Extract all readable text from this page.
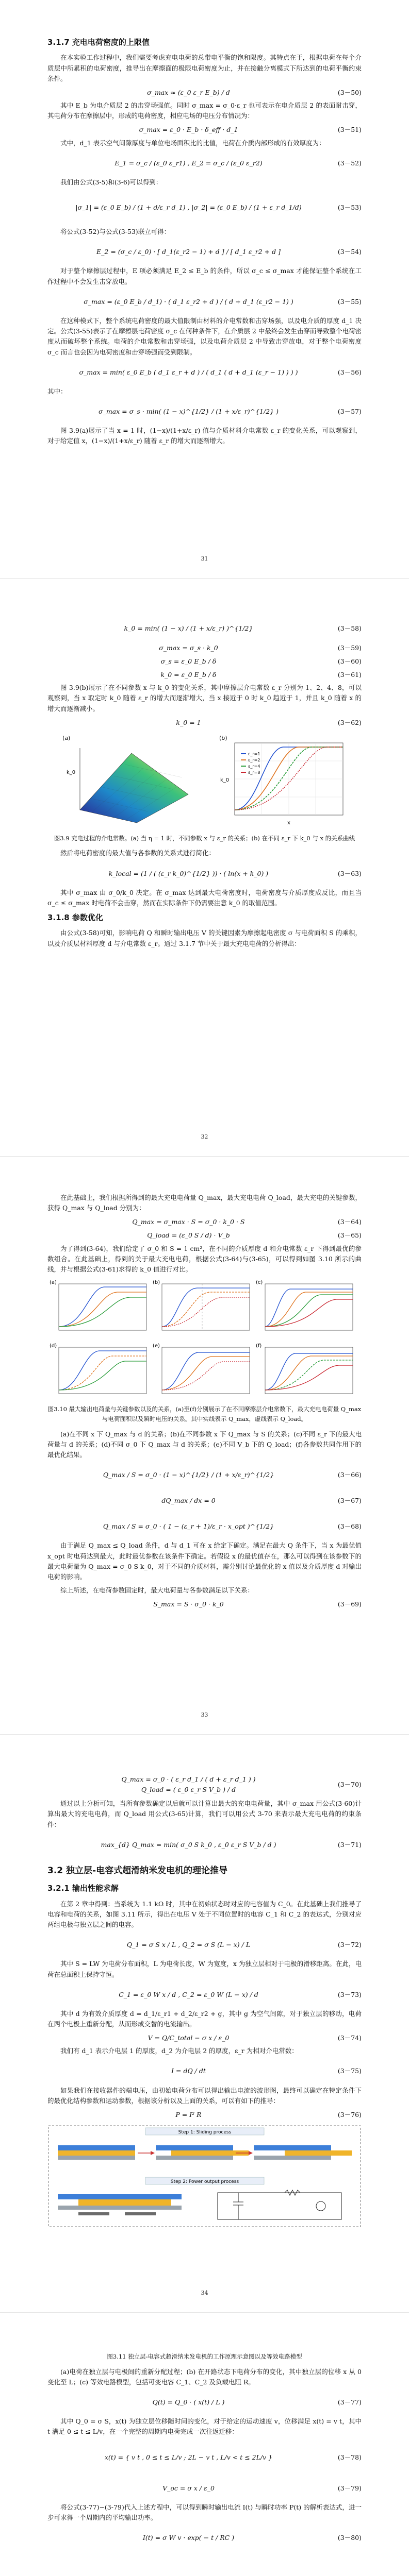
3.1.7 充电电荷密度的上限值

在本实验工作过程中，我们需要考虑充电电荷的总带电平衡的饱和限度。其特点在于，根据电荷在每个介质层中所累积的电荷密度，推导出在摩擦面的极限电荷密度为止，并在接触分离模式下所达到的电荷平衡约束条件。

σ_max ≈ (ε_0 ε_r E_b) / d	(3－50)

其中 E_b 为电介质层 2 的击穿场强值。同时 σ_max = σ_0·ε_r 也可表示在电介质层 2 的表面耐击穿，其电荷分布在摩擦层中，形成的电荷密度，相应电场的电压分布情况为：

σ_max = ε_0 · E_b · δ_eff · d_1	(3－51)

式中，d_1 表示空气间隙厚度与单位电场面积比的比值，电荷在介质内部形成的有效厚度为：

E_1 = σ_c / (ε_0 ε_r1) , E_2 = σ_c / (ε_0 ε_r2)	(3－52)

我们由公式(3-5)和(3-6)可以得到：

|σ_1| = (ε_0 E_b) / (1 + d/ε_r d_1) , |σ_2| = (ε_0 E_b) / (1 + ε_r d_1/d)	(3－53)

将公式(3-52)与公式(3-53)联立可得：

E_2 = (σ_c / ε_0) · [ d_1(ε_r2 − 1) + d ] / [ d_1 ε_r2 + d ]	(3－54)

对于整个摩擦层过程中，E 项必须满足 E_2 ≤ E_b 的条件，所以 σ_c ≤ σ_max 才能保证整个系统在工作过程中不会发生击穿放电。

σ_max = (ε_0 E_b / d_1) · ( d_1 ε_r2 + d ) / ( d + d_1 (ε_r2 − 1) )	(3－55)

在这种模式下，整个系统电荷密度的最大值限制由材料的介电常数和击穿场强，以及电介质的厚度 d_1 决定。公式(3-55)表示了在摩擦层电荷密度 σ_c 在何种条件下，在介质层 2 中最终会发生击穿而导致整个电荷密度从而破坏整个系统。电荷的介电常数和击穿场强，以及电荷介质层 2 中导致击穿放电，对于整个电荷密度 σ_c 而言也会因为电荷密度和击穿场强而受到限制。

σ_max = min( ε_0 E_b ( d_1 ε_r + d ) / ( d_1 ( d + d_1 (ε_r − 1) ) ) )	(3－56)

其中：

σ_max = σ_s · min( (1 − x)^{1/2} / (1 + x/ε_r)^{1/2} )	(3－57)

图 3.9(a)展示了当 x = 1 时，(1−x)/(1+x/ε_r) 值与介质材料介电常数 ε_r 的变化关系，可以观察到，对于给定值 x，(1−x)/(1+x/ε_r) 随着 ε_r 的增大而逐渐增大。

31
k_0 = min( (1 − x) / (1 + x/ε_r) )^{1/2}	(3－58)
σ_max = σ_s · k_0	(3－59)
σ_s = ε_0 E_b / δ	(3－60)
k_0 = ε_0 E_b / δ	(3－61)

图 3.9(b)展示了在不同参数 x 与 k_0 的变化关系，其中摩擦层介电常数 ε_r 分别为 1、2、4、8，可以观察到，当 x 取定时 k_0 随着 ε_r 的增大而逐渐增大，当 x 接近于 0 时 k_0 趋近于 1，并且 k_0 随着 x 的增大而逐渐减小。

k_0 = 1	(3－62)
(a)
k_0
(b)
k_0
x
ε_r=1
ε_r=2
ε_r=4
ε_r=8
图3.9 充电过程的介电常数。(a) 当 η = 1 时，不同参数 x 与 ε_r 的关系；(b) 在不同 ε_r 下 k_0 与 x 的关系曲线

然后将电荷密度的最大值与各参数的关系式进行简化：

k_local = (1 / ( (ε_r k_0)^{1/2} )) · ( ln(x + k_0) )	(3－63)

其中 σ_max 由 σ_0/k_0 决定。在 σ_max 达到最大电荷密度时，电荷密度与介质厚度成反比，而且当 σ_c ≤ σ_max 时电荷不会击穿，然而在实际条件下仍需要注意 k_0 的取值范围。

3.1.8 参数优化

由公式(3-58)可知，影响电荷 Q 和瞬时输出电压 V 的关键因素为摩擦起电密度 σ 与电荷面积 S 的乘积，以及介质层材料厚度 d 与介电常数 ε_r。通过 3.1.7 节中关于最大充电电荷的分析得出：

32

在此基础上，我们根据所得到的最大充电电荷量 Q_max，最大充电电荷 Q_load，最大充电的关键参数，获得 Q_max 与 Q_load 分别为：

Q_max = σ_max · S = σ_0 · k_0 · S	(3－64)
Q_load = (ε_0 S / d) · V_b	(3－65)

为了得到(3-64)，我们给定了 σ_0 和 S = 1 cm²，在不同的介质厚度 d 和介电常数 ε_r 下得到最优的参数组合。在此基础上，得到的关于最大充电电荷，根据公式(3-64)与(3-65)，可以得到如图 3.10 所示的曲线，并与根据公式(3-61)求得的 k_0 值进行对比。

(a)	(b)	(c)
(d)	(e)	(f)
图3.10 最大输出电荷量与关键参数以及的关系，(a)至(f)分别展示了在不同摩擦层介电常数下，最大充电电荷量 Q_max 与电荷面积以及瞬时电压的关系。其中实线表示 Q_max，虚线表示 Q_load。

(a)在不同 x 下 Q_max 与 d 的关系；(b)在不同参数 x 下 Q_max 与 S 的关系；(c)不同 ε_r 下的最大电荷量与 d 的关系；(d)不同 σ_0 下 Q_max 与 d 的关系；(e)不同 V_b 下的 Q_load；(f)各参数共同作用下的最优化结果。

Q_max / S = σ_0 · (1 − x)^{1/2} / (1 + x/ε_r)^{1/2}	(3－66)
dQ_max / dx = 0	(3－67)
Q_max / S = σ_0 · ( 1 − (ε_r + 1)/ε_r · x_opt )^{1/2}	(3－68)

由于满足 Q_max ≤ Q_load 条件，d 与 d_1 可在 x 给定下确定。满足在最大 Q 条件下，当 x 为最优值 x_opt 时电荷达到最大，此时最优参数在该条件下确定。若假设 x 的最优值存在，那么可以得到在该参数下的最大电荷量为 Q_max = σ_0 S k_0，对于不同的介质材料，需分别讨论最优化的 x 值以及介质厚度 d 对输出电荷的影响。

综上所述，在电荷参数固定时，最大电荷量与各参数满足以下关系：

S_max = S · σ_0 · k_0	(3－69)
33
Q_max = σ_0 · ( ε_r d_1 / ( d + ε_r d_1 ) )
Q_load = ( ε_0 ε_r S V_b ) / d
(3－70)

通过以上分析可知，当所有参数确定以后就可以计算出最大的充电电荷量，其中 σ_max 用公式(3-60)计算出最大的充电电荷，而 Q_load 用公式(3-65)计算，我们可以用公式 3-70 来表示最大充电电荷的约束条件：

max_{d} Q_max = min( σ_0 S k_0 , ε_0 ε_r S V_b / d )	(3－71)
3.2 独立层-电容式超滑纳米发电机的理论推导
3.2.1 输出性能求解

在第 2 章中得到：当系统为 1.1 kΩ 时，其中在初始状态时对应的电容值为 C_0。在此基础上我们推导了电容和电荷的关系，如图 3.11 所示，得出在电压 V 处于不同位置时的电容 C_1 和 C_2 的表达式，分别对应两组电极与独立层之间的电容。

Q_1 = σ S x / L , Q_2 = σ S (L − x) / L	(3－72)

其中 S = LW 为电荷分布面积，L 为电荷长度，W 为宽度，x 为独立层相对于电极的滑移距离。在此，电荷在总面积上保持守恒。

C_1 = ε_0 W x / d , C_2 = ε_0 W (L − x) / d	(3－73)

其中 d 为有效介质厚度 d = d_1/ε_r1 + d_2/ε_r2 + g，其中 g 为空气间隙，对于独立层的移动，电荷在两个电极上重新分配，从而形成交替的电流输出。

V = Q/C_total − σ x / ε_0	(3－74)

我们有 d_1 表示介电层 1 的厚度，d_2 为介电层 2 的厚度，ε_r 为相对介电常数：

I = dQ / dt	(3－75)

如果我们在接收器件的端电压，由初始电荷分布可以得出输出电流的波形图，最终可以确定在特定条件下的最优化结构参数和运动参数，根据该分析以及上面的关系，可以有如下的推导：

P = I² R	(3－76)
Step 1: Sliding process
Step 2: Power output process
34
图3.11 独立层-电容式超滑纳米发电机的工作原理示意图以及等效电路模型

(a)电荷在独立层与电极间的重新分配过程；(b) 在开路状态下电荷分布的变化，其中独立层的位移 x 从 0 变化至 L；(c) 等效电路模型，包括可变电容 C_1、C_2 及负载电阻 R。

Q(t) = Q_0 · ( x(t) / L )	(3－77)

其中 Q_0 = σ S，x(t) 为独立层位移随时间的变化，对于给定的运动速度 v，位移满足 x(t) = v t，其中 t 满足 0 ≤ t ≤ L/v，在一个完整的周期内电荷完成一次往返迁移：

x(t) = { v t , 0 ≤ t ≤ L/v ; 2L − v t , L/v < t ≤ 2L/v }	(3－78)
V_oc = σ x / ε_0	(3－79)

将公式(3-77)~(3-79)代入上述方程中，可以得到瞬时输出电流 I(t) 与瞬时功率 P(t) 的解析表达式，进一步可求得一个周期内的平均输出功率。

I(t) = σ W v · exp( − t / RC )	(3－80)
